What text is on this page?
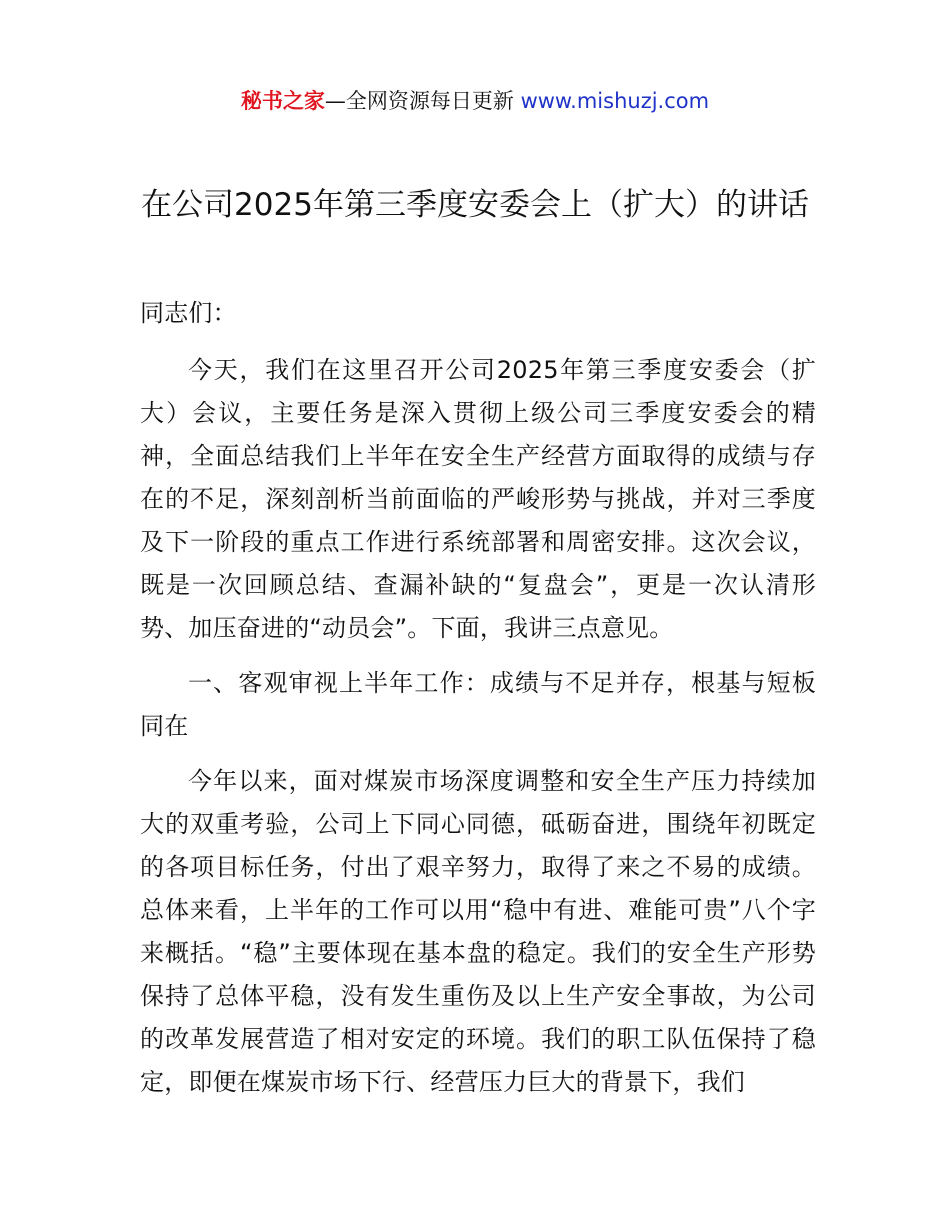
秘书之家—全网资源每日更新 www.mishuzj.com
在公司2025年第三季度安委会上（扩大）的讲话

同志们：

今天，我们在这里召开公司2025年第三季度安委会（扩大）会议，主要任务是深入贯彻上级公司三季度安委会的精神，全面总结我们上半年在安全生产经营方面取得的成绩与存在的不足，深刻剖析当前面临的严峻形势与挑战，并对三季度及下一阶段的重点工作进行系统部署和周密安排。这次会议，既是一次回顾总结、查漏补缺的“复盘会”，更是一次认清形势、加压奋进的“动员会”。下面，我讲三点意见。

一、客观审视上半年工作：成绩与不足并存，根基与短板同在

今年以来，面对煤炭市场深度调整和安全生产压力持续加大的双重考验，公司上下同心同德，砥砺奋进，围绕年初既定的各项目标任务，付出了艰辛努力，取得了来之不易的成绩。总体来看，上半年的工作可以用“稳中有进、难能可贵”八个字来概括。“稳”主要体现在基本盘的稳定。我们的安全生产形势保持了总体平稳，没有发生重伤及以上生产安全事故，为公司的改革发展营造了相对安定的环境。我们的职工队伍保持了稳定，即便在煤炭市场下行、经营压力巨大的背景下，我们
